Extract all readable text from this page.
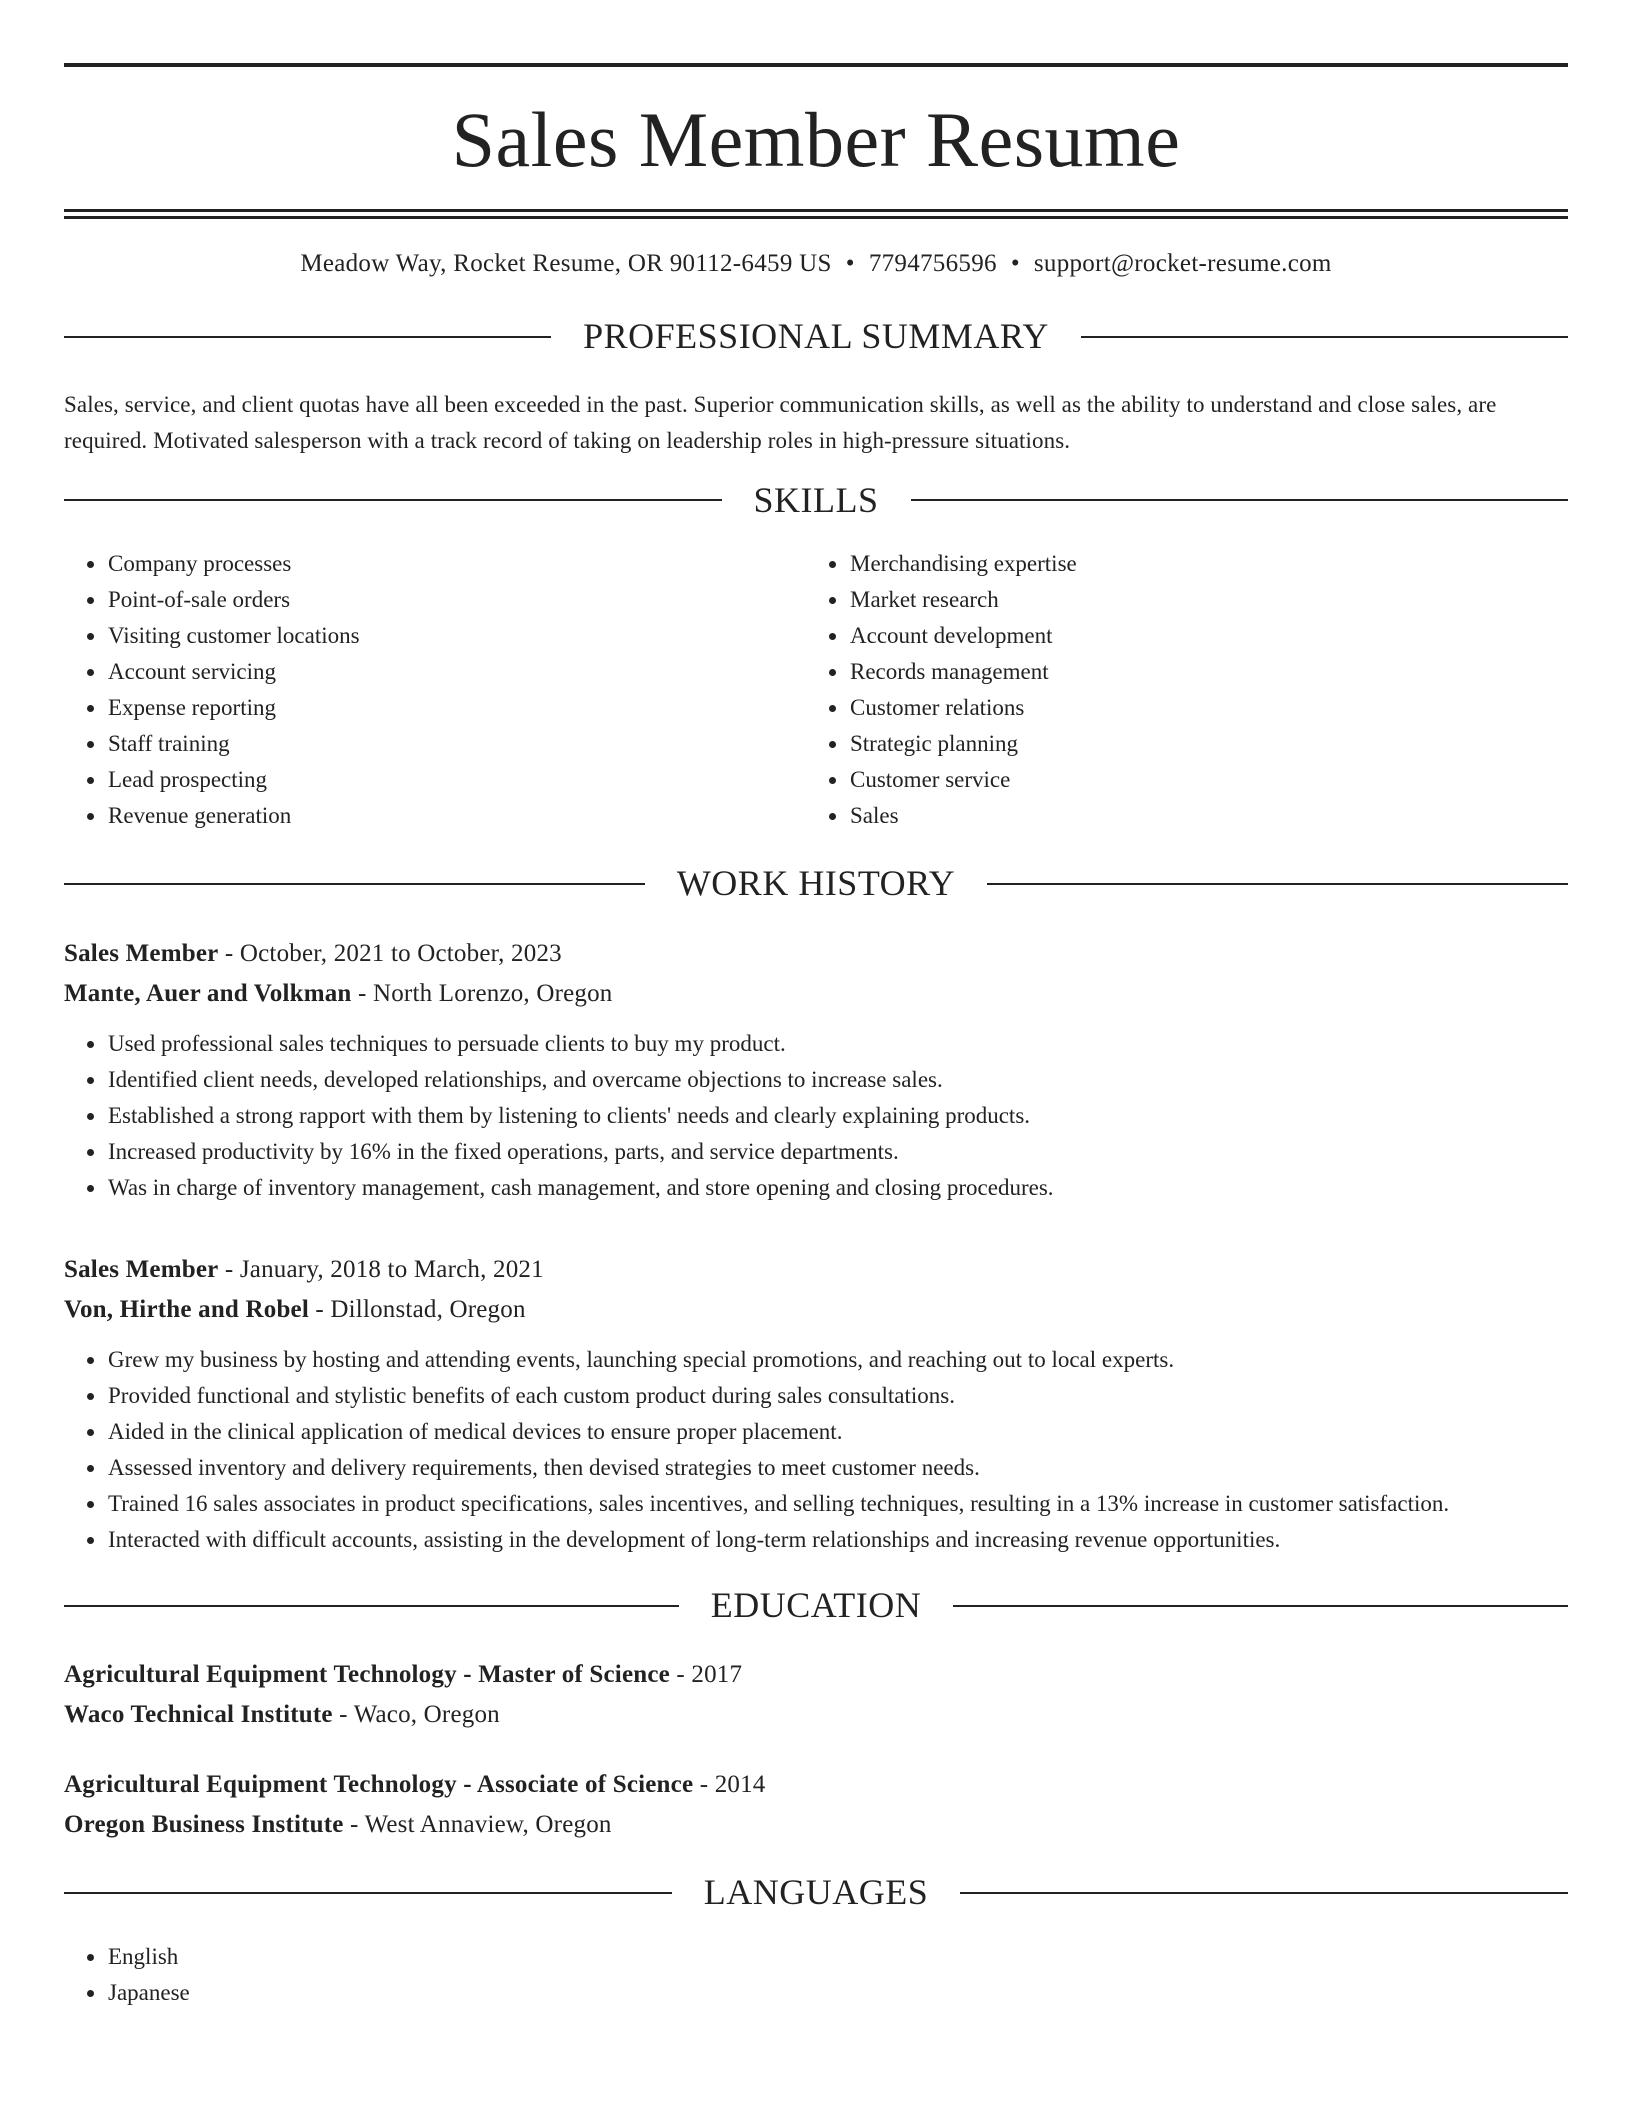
Sales Member Resume
Meadow Way, Rocket Resume, OR 90112-6459 US • 7794756596 • support@rocket-resume.com
PROFESSIONAL SUMMARY

Sales, service, and client quotas have all been exceeded in the past. Superior communication skills, as well as the ability to understand and close sales, are required. Motivated salesperson with a track record of taking on leadership roles in high-pressure situations.

SKILLS
• Company processes
• Point-of-sale orders
• Visiting customer locations
• Account servicing
• Expense reporting
• Staff training
• Lead prospecting
• Revenue generation
• Merchandising expertise
• Market research
• Account development
• Records management
• Customer relations
• Strategic planning
• Customer service
• Sales
WORK HISTORY
Sales Member - October, 2021 to October, 2023
Mante, Auer and Volkman - North Lorenzo, Oregon
• Used professional sales techniques to persuade clients to buy my product.
• Identified client needs, developed relationships, and overcame objections to increase sales.
• Established a strong rapport with them by listening to clients' needs and clearly explaining products.
• Increased productivity by 16% in the fixed operations, parts, and service departments.
• Was in charge of inventory management, cash management, and store opening and closing procedures.
Sales Member - January, 2018 to March, 2021
Von, Hirthe and Robel - Dillonstad, Oregon
• Grew my business by hosting and attending events, launching special promotions, and reaching out to local experts.
• Provided functional and stylistic benefits of each custom product during sales consultations.
• Aided in the clinical application of medical devices to ensure proper placement.
• Assessed inventory and delivery requirements, then devised strategies to meet customer needs.
• Trained 16 sales associates in product specifications, sales incentives, and selling techniques, resulting in a 13% increase in customer satisfaction.
• Interacted with difficult accounts, assisting in the development of long-term relationships and increasing revenue opportunities.
EDUCATION
Agricultural Equipment Technology - Master of Science - 2017
Waco Technical Institute - Waco, Oregon
Agricultural Equipment Technology - Associate of Science - 2014
Oregon Business Institute - West Annaview, Oregon
LANGUAGES
• English
• Japanese
